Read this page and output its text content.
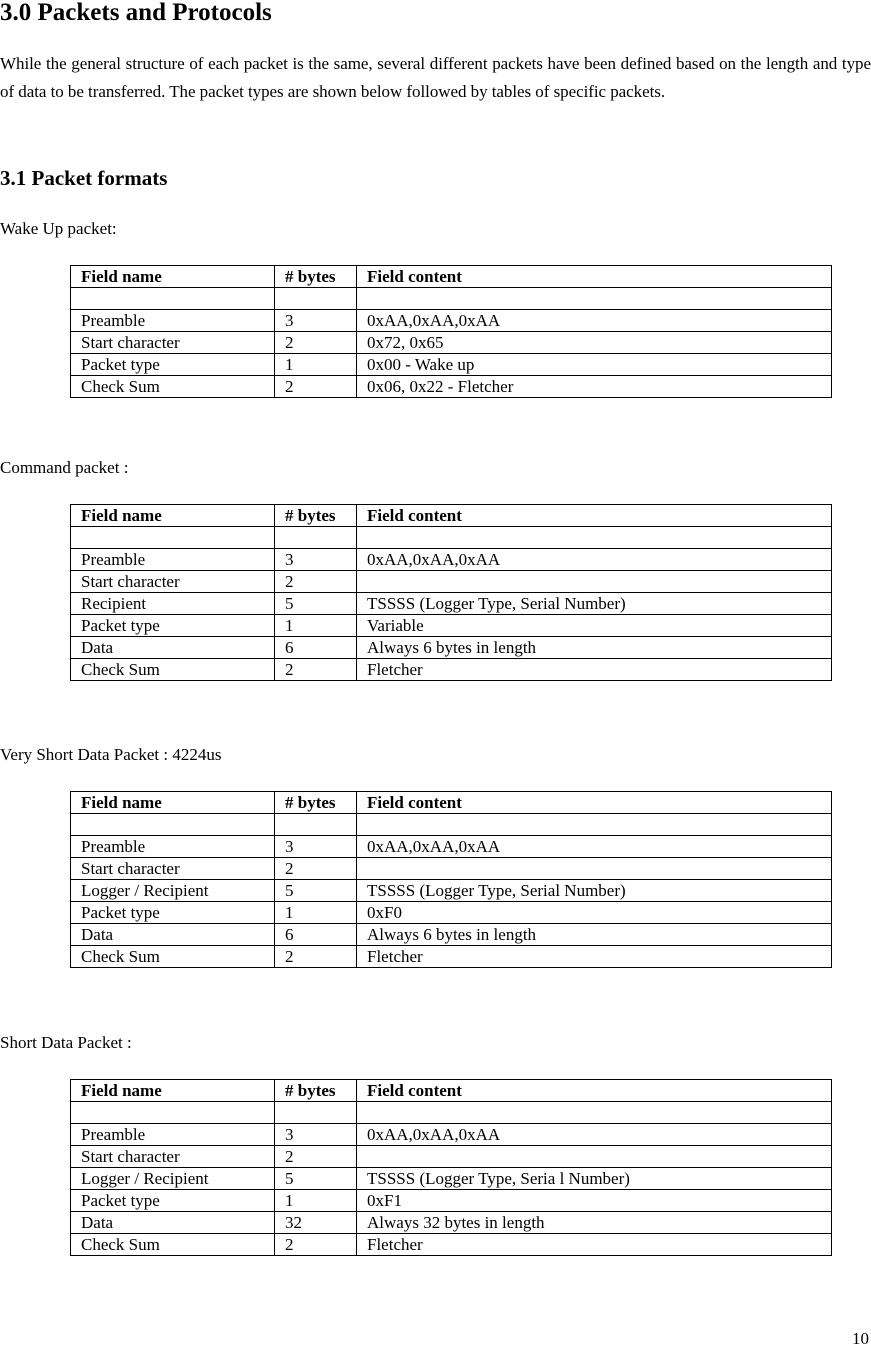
3.0 Packets and Protocols

While the general structure of each packet is the same, several different packets have been defined based on the length and type of data to be transferred. The packet types are shown below followed by tables of specific packets.

3.1 Packet formats
Wake Up packet:
Field name	# bytes	Field content

Preamble	3	0xAA,0xAA,0xAA
Start character	2	0x72, 0x65
Packet type	1	0x00 - Wake up
Check Sum	2	0x06, 0x22 - Fletcher
Command packet :
Field name	# bytes	Field content

Preamble	3	0xAA,0xAA,0xAA
Start character	2	
Recipient	5	TSSSS (Logger Type, Serial Number)
Packet type	1	Variable
Data	6	Always 6 bytes in length
Check Sum	2	Fletcher
Very Short Data Packet : 4224us
Field name	# bytes	Field content

Preamble	3	0xAA,0xAA,0xAA
Start character	2	
Logger / Recipient	5	TSSSS (Logger Type, Serial Number)
Packet type	1	0xF0
Data	6	Always 6 bytes in length
Check Sum	2	Fletcher
Short Data Packet :
Field name	# bytes	Field content

Preamble	3	0xAA,0xAA,0xAA
Start character	2	
Logger / Recipient	5	TSSSS (Logger Type, Seria l Number)
Packet type	1	0xF1
Data	32	Always 32 bytes in length
Check Sum	2	Fletcher
10
